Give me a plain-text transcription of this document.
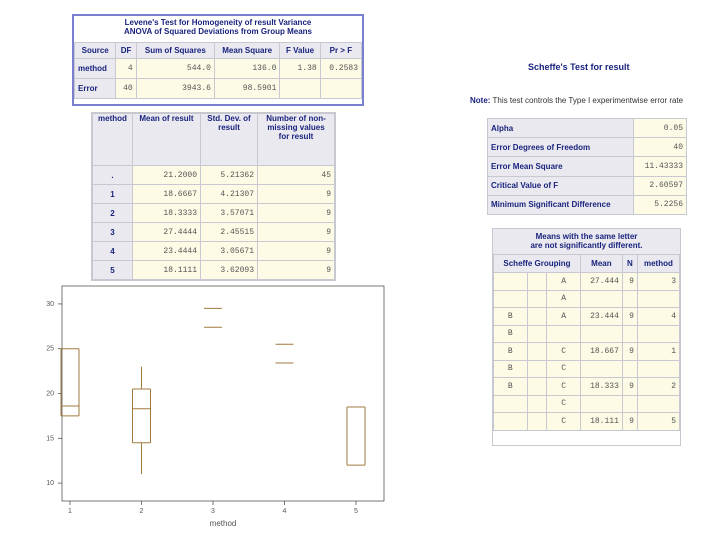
Levene's Test for Homogeneity of result Variance
ANOVA of Squared Deviations from Group Means
Source	DF	Sum of Squares	Mean Square	F Value	Pr > F
method	4	544.0	136.0	1.38	0.2583
Error	40	3943.6	98.5901		
method	Mean of result	Std. Dev. of result	Number of non-missing values for result
.	21.2000	5.21362	45
1	18.6667	4.21307	9
2	18.3333	3.57071	9
3	27.4444	2.45515	9
4	23.4444	3.05671	9
5	18.1111	3.62093	9
Scheffe's Test for result
Note: This test controls the Type I experimentwise error rate
Alpha	0.05
Error Degrees of Freedom	40
Error Mean Square	11.43333
Critical Value of F	2.60597
Minimum Significant Difference	5.2256
Means with the same letter
are not significantly different.
Scheffe Grouping			Mean	N	method
		A	27.444	9	3
		A			
B		A	23.444	9	4
B					
B		C	18.667	9	1
B		C			
B		C	18.333	9	2
		C			
		C	18.111	9	5
10
15
20
25
30
1	2	3	4	5
method
